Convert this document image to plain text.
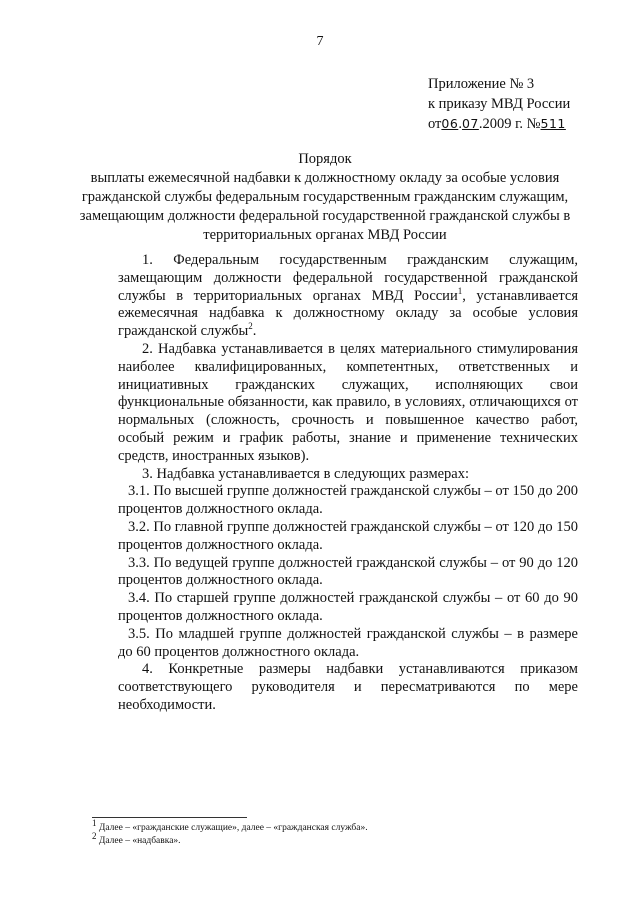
7
Приложение № 3
к приказу МВД России
от06.07.2009 г. №511
Порядок
выплаты ежемесячной надбавки к должностному окладу за особые условия гражданской службы федеральным государственным гражданским служащим, замещающим должности федеральной государственной гражданской службы в территориальных органах МВД России
1. Федеральным государственным гражданским служащим, замещающим должности федеральной государственной гражданской службы в территориальных органах МВД России$^1$, устанавливается ежемесячная надбавка к должностному окладу за особые условия гражданской службы$^2$.
2. Надбавка устанавливается в целях материального стимулирования наиболее квалифицированных, компетентных, ответственных и инициативных гражданских служащих, исполняющих свои функциональные обязанности, как правило, в условиях, отличающихся от нормальных (сложность, срочность и повышенное качество работ, особый режим и график работы, знание и применение технических средств, иностранных языков).
3. Надбавка устанавливается в следующих размерах:
3.1. По высшей группе должностей гражданской службы – от 150 до 200 процентов должностного оклада.
3.2. По главной группе должностей гражданской службы – от 120 до 150 процентов должностного оклада.
3.3. По ведущей группе должностей гражданской службы – от 90 до 120 процентов должностного оклада.
3.4. По старшей группе должностей гражданской службы – от 60 до 90 процентов должностного оклада.
3.5. По младшей группе должностей гражданской службы – в размере до 60 процентов должностного оклада.
4. Конкретные размеры надбавки устанавливаются приказом соответствующего руководителя и пересматриваются по мере необходимости.
$^1$ Далее – «гражданские служащие», далее – «гражданская служба».
$^2$ Далее – «надбавка».
